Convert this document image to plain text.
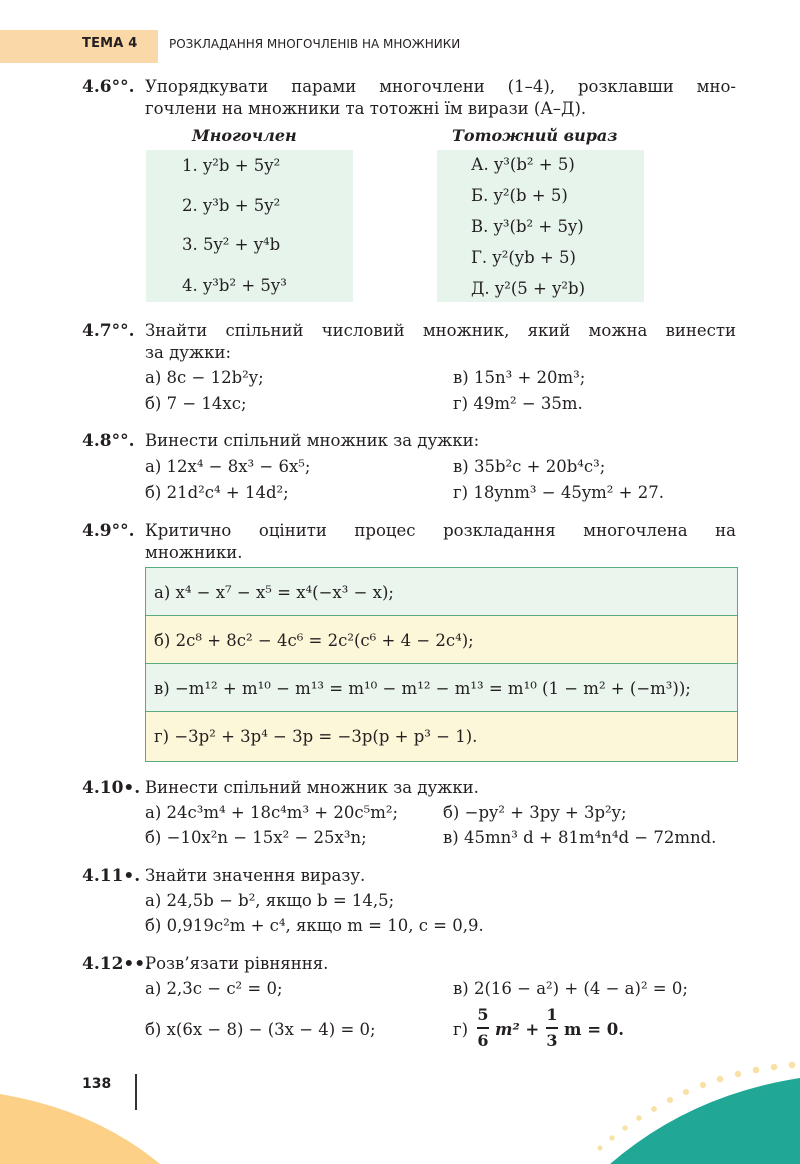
ТЕМА 4	РОЗКЛАДАННЯ МНОГОЧЛЕНІВ НА МНОЖНИКИ
4.6°°. Упорядкувати парами многочлени (1–4), розклавши мно-
гочлени на множники та тотожні їм вирази (А–Д).
Многочлен	Тотожний вираз
1. y²b + 5y²
2. y³b + 5y²
3. 5y² + y⁴b
4. y³b² + 5y³
А. y³(b² + 5)
Б. y²(b + 5)
В. y³(b² + 5y)
Г. y²(yb + 5)
Д. y²(5 + y²b)
4.7°°. Знайти спільний числовий множник, який можна винести
за дужки:
а) 8c − 12b²y;	в) 15n³ + 20m³;
б) 7 − 14xc;	г) 49m² − 35m.
4.8°°. Винести спільний множник за дужки:
а) 12x⁴ − 8x³ − 6x⁵;	в) 35b²c + 20b⁴c³;
б) 21d²c⁴ + 14d²;	г) 18ynm³ − 45ym² + 27.
4.9°°. Критично оцінити процес розкладання многочлена на
множники.
а) x⁴ − x⁷ − x⁵ = x⁴(−x³ − x);
б) 2c⁸ + 8c² − 4c⁶ = 2c²(c⁶ + 4 − 2c⁴);
в) −m¹² + m¹⁰ − m¹³ = m¹⁰ − m¹² − m¹³ = m¹⁰ (1 − m² + (−m³));
г) −3p² + 3p⁴ − 3p = −3p(p + p³ − 1).
4.10•. Винести спільний множник за дужки.
а) 24c³m⁴ + 18c⁴m³ + 20c⁵m²;	б) −py² + 3py + 3p²y;
б) −10x²n − 15x² − 25x³n;	в) 45mn³ d + 81m⁴n⁴d − 72mnd.
4.11•. Знайти значення виразу.
а) 24,5b − b², якщо b = 14,5;
б) 0,919c²m + c⁴, якщо m = 10, c = 0,9.
4.12••.
Розв’язати рівняння.
а) 2,3c − c² = 0;	в) 2(16 − a²) + (4 − a)² = 0;
б) x(6x − 8) − (3x − 4) = 0;	г)
5
6
m² +
1
3
m = 0.
138
